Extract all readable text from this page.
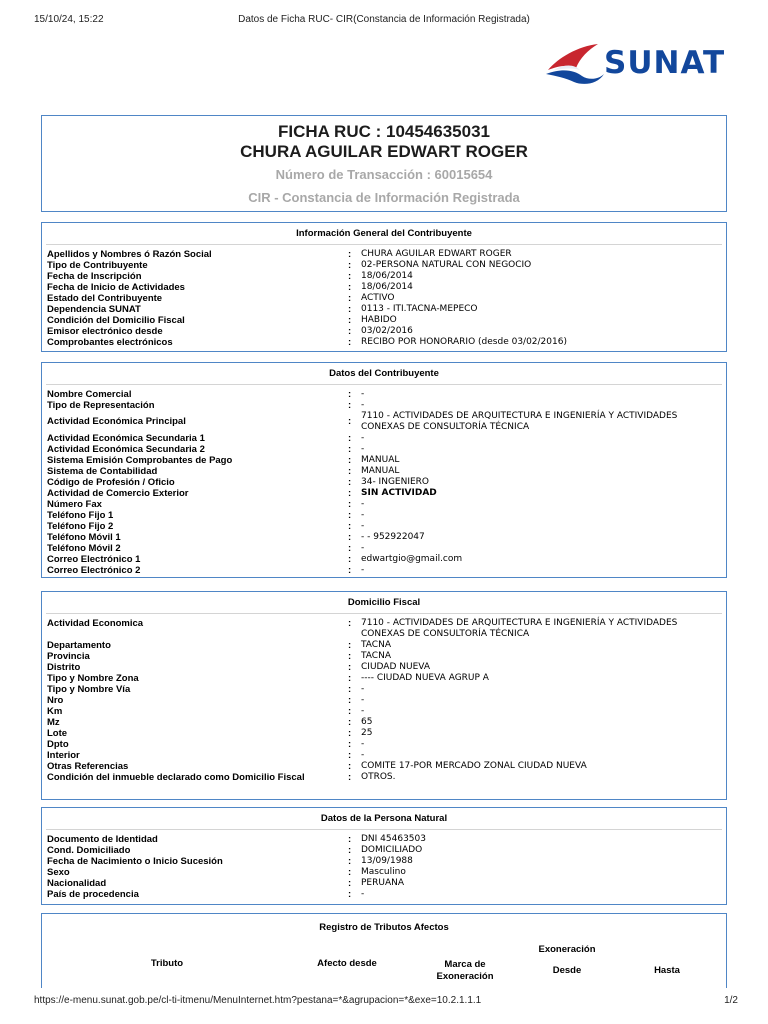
15/10/24, 15:22	Datos de Ficha RUC- CIR(Constancia de Información Registrada)
SUNAT
FICHA RUC : 10454635031
CHURA AGUILAR EDWART ROGER
Número de Transacción : 60015654
CIR - Constancia de Información Registrada
Información General del Contribuyente
Apellidos y Nombres ó Razón Social	: CHURA AGUILAR EDWART ROGER
Tipo de Contribuyente	: 02-PERSONA NATURAL CON NEGOCIO
Fecha de Inscripción	: 18/06/2014
Fecha de Inicio de Actividades	: 18/06/2014
Estado del Contribuyente	: ACTIVO
Dependencia SUNAT	: 0113 - ITI.TACNA-MEPECO
Condición del Domicilio Fiscal	: HABIDO
Emisor electrónico desde	: 03/02/2016
Comprobantes electrónicos	: RECIBO POR HONORARIO (desde 03/02/2016)
Datos del Contribuyente
Nombre Comercial	: -
Tipo de Representación	: -
Actividad Económica Principal	: 7110 - ACTIVIDADES DE ARQUITECTURA E INGENIERÍA Y ACTIVIDADES CONEXAS DE CONSULTORÍA TÉCNICA
Actividad Económica Secundaria 1	: -
Actividad Económica Secundaria 2	: -
Sistema Emisión Comprobantes de Pago	: MANUAL
Sistema de Contabilidad	: MANUAL
Código de Profesión / Oficio	: 34- INGENIERO
Actividad de Comercio Exterior	: SIN ACTIVIDAD
Número Fax	: -
Teléfono Fijo 1	: -
Teléfono Fijo 2	: -
Teléfono Móvil 1	: - - 952922047
Teléfono Móvil 2	: -
Correo Electrónico 1	: edwartgio@gmail.com
Correo Electrónico 2	: -
Domicilio Fiscal
Actividad Economica	: 7110 - ACTIVIDADES DE ARQUITECTURA E INGENIERÍA Y ACTIVIDADES CONEXAS DE CONSULTORÍA TÉCNICA
Departamento	: TACNA
Provincia	: TACNA
Distrito	: CIUDAD NUEVA
Tipo y Nombre Zona	: ---- CIUDAD NUEVA AGRUP A
Tipo y Nombre Vía	: -
Nro	: -
Km	: -
Mz	: 65
Lote	: 25
Dpto	: -
Interior	: -
Otras Referencias	: COMITE 17-POR MERCADO ZONAL CIUDAD NUEVA
Condición del inmueble declarado como Domicilio Fiscal	: OTROS.
Datos de la Persona Natural
Documento de Identidad	: DNI 45463503
Cond. Domiciliado	: DOMICILIADO
Fecha de Nacimiento o Inicio Sucesión	: 13/09/1988
Sexo	: Masculino
Nacionalidad	: PERUANA
País de procedencia	: -
Registro de Tributos Afectos
Tributo	Afecto desde	Marca de Exoneración
Exoneración
Desde	Hasta
https://e-menu.sunat.gob.pe/cl-ti-itmenu/MenuInternet.htm?pestana=*&agrupacion=*&exe=10.2.1.1.1	1/2
